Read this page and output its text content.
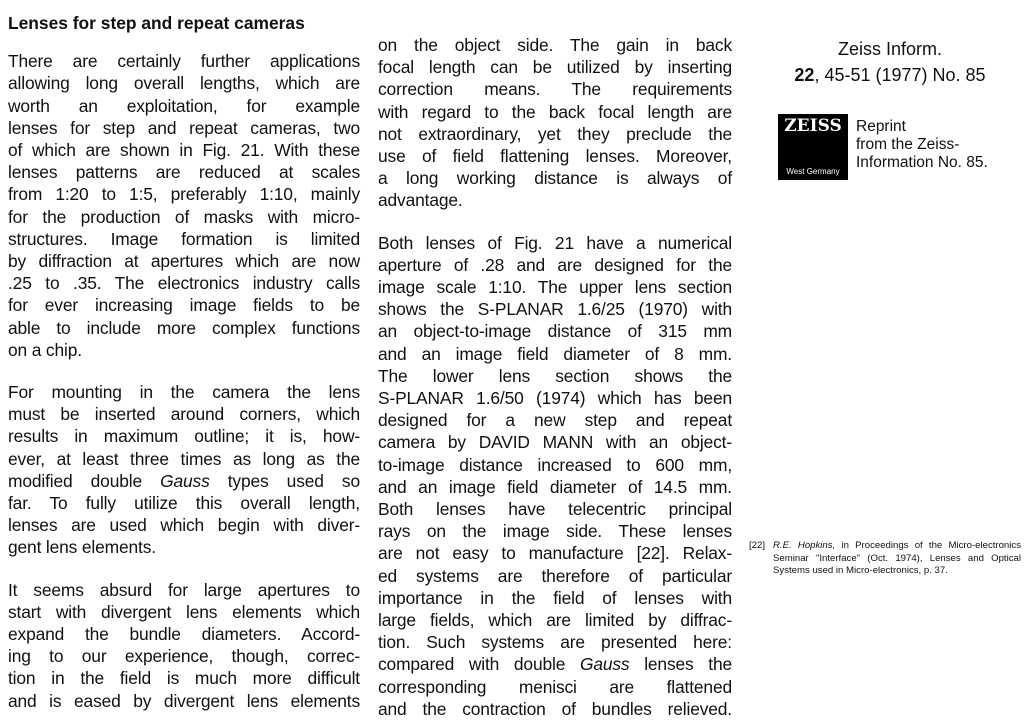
Lenses for step and repeat cameras

There are certainly further applications
allowing long overall lengths, which are
worth an exploitation, for example
lenses for step and repeat cameras, two
of which are shown in Fig. 21. With these
lenses patterns are reduced at scales
from 1:20 to 1:5, preferably 1:10, mainly
for the production of masks with micro-
structures. Image formation is limited
by diffraction at apertures which are now
.25 to .35. The electronics industry calls
for ever increasing image fields to be
able to include more complex functions
on a chip.

For mounting in the camera the lens
must be inserted around corners, which
results in maximum outline; it is, how-
ever, at least three times as long as the
modified double Gauss types used so
far. To fully utilize this overall length,
lenses are used which begin with diver-
gent lens elements.

It seems absurd for large apertures to
start with divergent lens elements which
expand the bundle diameters. Accord-
ing to our experience, though, correc-
tion in the field is much more difficult
and is eased by divergent lens elements

on the object side. The gain in back
focal length can be utilized by inserting
correction means. The requirements
with regard to the back focal length are
not extraordinary, yet they preclude the
use of field flattening lenses. Moreover,
a long working distance is always of
advantage.

Both lenses of Fig. 21 have a numerical
aperture of .28 and are designed for the
image scale 1:10. The upper lens section
shows the S-PLANAR 1.6/25 (1970) with
an object-to-image distance of 315 mm
and an image field diameter of 8 mm.
The lower lens section shows the
S-PLANAR 1.6/50 (1974) which has been
designed for a new step and repeat
camera by DAVID MANN with an object-
to-image distance increased to 600 mm,
and an image field diameter of 14.5 mm.
Both lenses have telecentric principal
rays on the image side. These lenses
are not easy to manufacture [22]. Relax-
ed systems are therefore of particular
importance in the field of lenses with
large fields, which are limited by diffrac-
tion. Such systems are presented here:
compared with double Gauss lenses the
corresponding menisci are flattened
and the contraction of bundles relieved.

Zeiss Inform.
22, 45-51 (1977) No. 85
ZEISS
West Germany
Reprint
from the Zeiss-
Information No. 85.
[22] R.E. Hopkins, in Proceedings of the Micro-electronics Seminar "Interface" (Oct. 1974), Lenses and Optical Systems used in Micro-electronics, p. 37.
